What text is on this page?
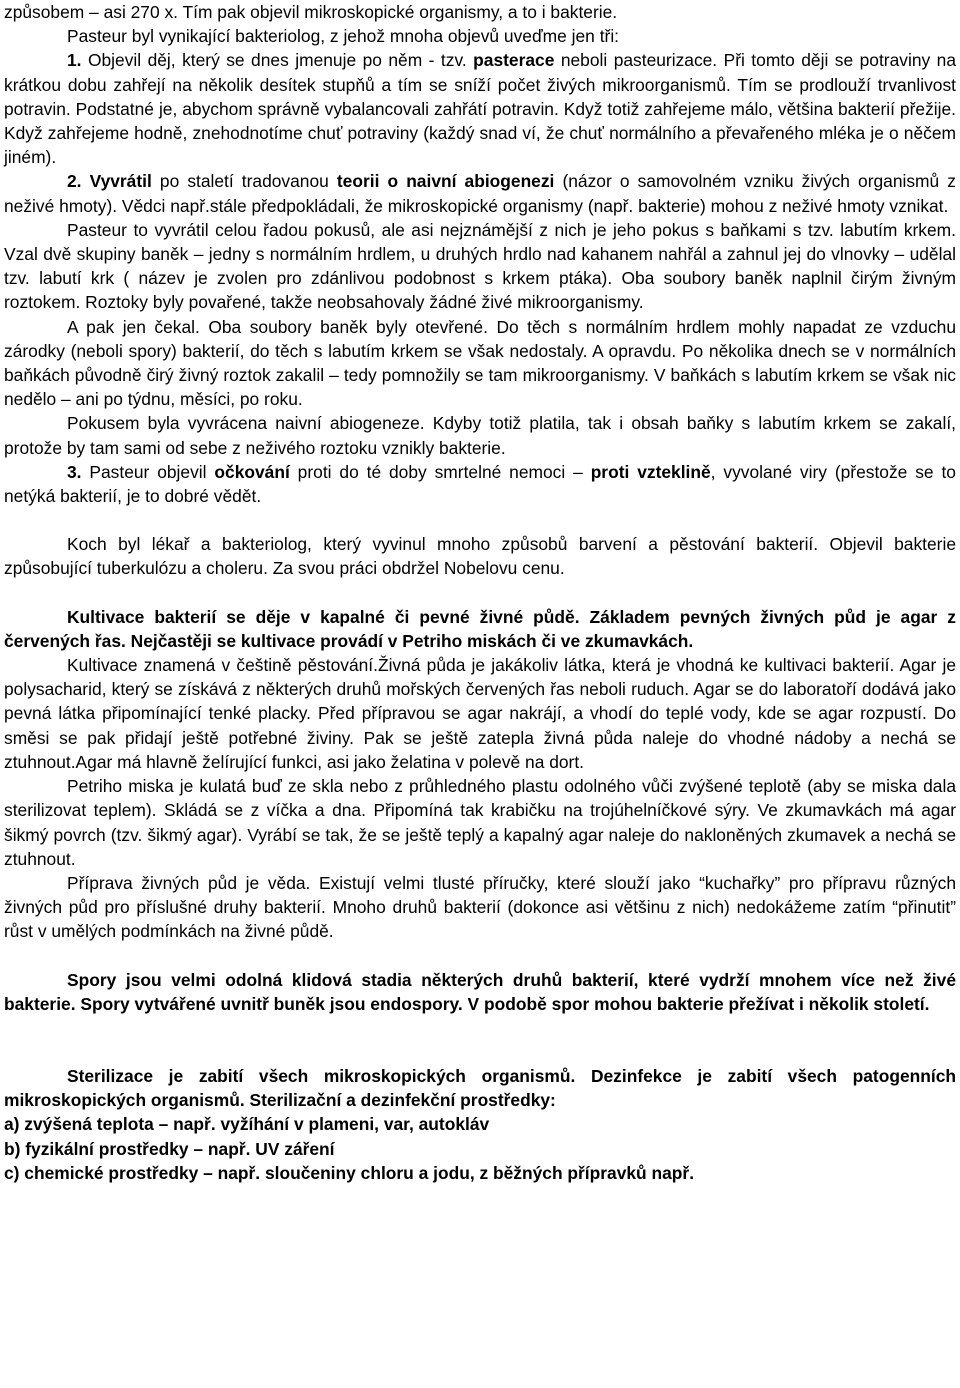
způsobem – asi 270 x. Tím pak objevil mikroskopické organismy, a to i bakterie.

Pasteur byl vynikající bakteriolog, z jehož mnoha objevů uveďme jen tři:

1. Objevil děj, který se dnes jmenuje po něm - tzv. pasterace neboli pasteurizace. Při tomto ději se potraviny na krátkou dobu zahřejí na několik desítek stupňů a tím se sníží počet živých mikroorganismů. Tím se prodlouží trvanlivost potravin. Podstatné je, abychom správně vybalancovali zahřátí potravin. Když totiž zahřejeme málo, většina bakterií přežije. Když zahřejeme hodně, znehodnotíme chuť potraviny (každý snad ví, že chuť normálního a převařeného mléka je o něčem jiném).

2. Vyvrátil po staletí tradovanou teorii o naivní abiogenezi (názor o samovolném vzniku živých organismů z neživé hmoty). Vědci např.stále předpokládali, že mikroskopické organismy (např. bakterie) mohou z neživé hmoty vznikat.

Pasteur to vyvrátil celou řadou pokusů, ale asi nejznámější z nich je jeho pokus s baňkami s tzv. labutím krkem. Vzal dvě skupiny baněk – jedny s normálním hrdlem, u druhých hrdlo nad kahanem nahřál a zahnul jej do vlnovky – udělal tzv. labutí krk ( název je zvolen pro zdánlivou podobnost s krkem ptáka). Oba soubory baněk naplnil čirým živným roztokem. Roztoky byly povařené, takže neobsahovaly žádné živé mikroorganismy.

A pak jen čekal. Oba soubory baněk byly otevřené. Do těch s normálním hrdlem mohly napadat ze vzduchu zárodky (neboli spory) bakterií, do těch s labutím krkem se však nedostaly. A opravdu. Po několika dnech se v normálních baňkách původně čirý živný roztok zakalil – tedy pomnožily se tam mikroorganismy. V baňkách s labutím krkem se však nic nedělo – ani po týdnu, měsíci, po roku.

Pokusem byla vyvrácena naivní abiogeneze. Kdyby totiž platila, tak i obsah baňky s labutím krkem se zakalí, protože by tam sami od sebe z neživého roztoku vznikly bakterie.

3. Pasteur objevil očkování proti do té doby smrtelné nemoci – proti vzteklině, vyvolané viry (přestože se to netýká bakterií, je to dobré vědět.

Koch byl lékař a bakteriolog, který vyvinul mnoho způsobů barvení a pěstování bakterií. Objevil bakterie způsobující tuberkulózu a choleru. Za svou práci obdržel Nobelovu cenu.

Kultivace bakterií se děje v kapalné či pevné živné půdě. Základem pevných živných půd je agar z červených řas. Nejčastěji se kultivace provádí v Petriho miskách či ve zkumavkách.

Kultivace znamená v češtině pěstování.Živná půda je jakákoliv látka, která je vhodná ke kultivaci bakterií. Agar je polysacharid, který se získává z některých druhů mořských červených řas neboli ruduch. Agar se do laboratoří dodává jako pevná látka připomínající tenké placky. Před přípravou se agar nakrájí, a vhodí do teplé vody, kde se agar rozpustí. Do směsi se pak přidají ještě potřebné živiny. Pak se ještě zatepla živná půda naleje do vhodné nádoby a nechá se ztuhnout.Agar má hlavně želírující funkci, asi jako želatina v polevě na dort.

Petriho miska je kulatá buď ze skla nebo z průhledného plastu odolného vůči zvýšené teplotě (aby se miska dala sterilizovat teplem). Skládá se z víčka a dna. Připomíná tak krabičku na trojúhelníčkové sýry. Ve zkumavkách má agar šikmý povrch (tzv. šikmý agar). Vyrábí se tak, že se ještě teplý a kapalný agar naleje do nakloněných zkumavek a nechá se ztuhnout.

Příprava živných půd je věda. Existují velmi tlusté příručky, které slouží jako “kuchařky” pro přípravu různých živných půd pro příslušné druhy bakterií. Mnoho druhů bakterií (dokonce asi většinu z nich) nedokážeme zatím “přinutit” růst v umělých podmínkách na živné půdě.

Spory jsou velmi odolná klidová stadia některých druhů bakterií, které vydrží mnohem více než živé bakterie. Spory vytvářené uvnitř buněk jsou endospory. V podobě spor mohou bakterie přežívat i několik století.

Sterilizace je zabití všech mikroskopických organismů. Dezinfekce je zabití všech patogenních mikroskopických organismů. Sterilizační a dezinfekční prostředky:

a) zvýšená teplota – např. vyžíhání v plameni, var, autokláv

b) fyzikální prostředky – např. UV záření

c) chemické prostředky – např. sloučeniny chloru a jodu, z běžných přípravků např.
